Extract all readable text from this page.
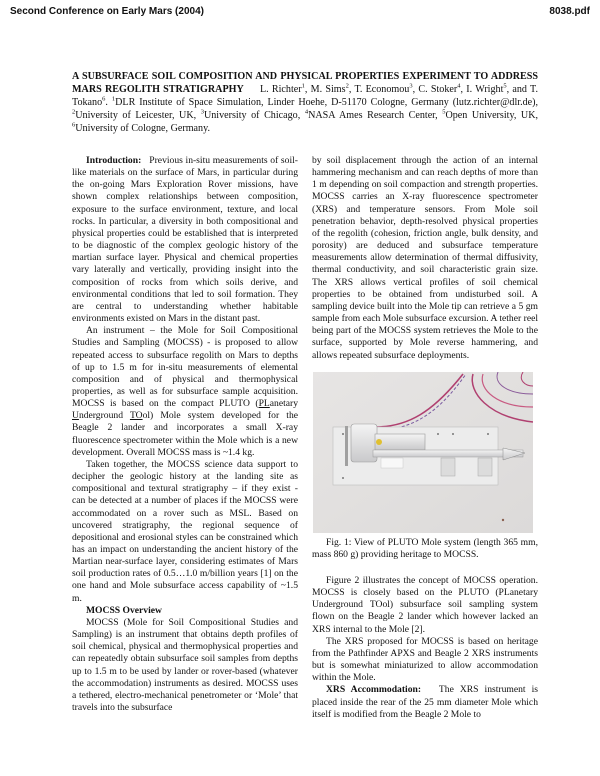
Second Conference on Early Mars (2004)	8038.pdf
A SUBSURFACE SOIL COMPOSITION AND PHYSICAL PROPERTIES EXPERIMENT TO ADDRESS MARS REGOLITH STRATIGRAPHY L. Richter$^1$, M. Sims$^2$, T. Economou$^3$, C. Stoker$^4$, I. Wright$^5$, and T. Tokano$^6$. $^1$DLR Institute of Space Simulation, Linder Hoehe, D-51170 Cologne, Germany (lutz.richter@dlr.de), $^2$University of Leicester, UK, $^3$University of Chicago, $^4$NASA Ames Research Center, $^5$Open University, UK, $^6$University of Cologne, Germany.

Introduction: Previous in-situ measurements of soil-like materials on the surface of Mars, in particular during the on-going Mars Exploration Rover missions, have shown complex relationships between composition, exposure to the surface environment, texture, and local rocks. In particular, a diversity in both compositional and physical properties could be established that is interpreted to be diagnostic of the complex geologic history of the martian surface layer. Physical and chemical properties vary laterally and vertically, providing insight into the composition of rocks from which soils derive, and environmental conditions that led to soil formation. They are central to understanding whether habitable environments existed on Mars in the distant past.

An instrument – the Mole for Soil Compositional Studies and Sampling (MOCSS) - is proposed to allow repeated access to subsurface regolith on Mars to depths of up to 1.5 m for in-situ measurements of elemental composition and of physical and thermophysical properties, as well as for subsurface sample acquisition. MOCSS is based on the compact PLUTO (PLanetary Underground TOol) Mole system developed for the Beagle 2 lander and incorporates a small X-ray fluorescence spectrometer within the Mole which is a new development. Overall MOCSS mass is ~1.4 kg.

Taken together, the MOCSS science data support to decipher the geologic history at the landing site as compositional and textural stratigraphy – if they exist - can be detected at a number of places if the MOCSS were accommodated on a rover such as MSL. Based on uncovered stratigraphy, the regional sequence of depositional and erosional styles can be constrained which has an impact on understanding the ancient history of the Martian near-surface layer, considering estimates of Mars soil production rates of 0.5…1.0 m/billion years [1] on the one hand and Mole subsurface access capability of ~1.5 m.

MOCSS Overview

MOCSS (Mole for Soil Compositional Studies and Sampling) is an instrument that obtains depth profiles of soil chemical, physical and thermophysical properties and can repeatedly obtain subsurface soil samples from depths up to 1.5 m to be used by lander or rover-based (whatever the accommodation) instruments as desired. MOCSS uses a tethered, electro-mechanical penetrometer or ‘Mole’ that travels into the subsurface

by soil displacement through the action of an internal hammering mechanism and can reach depths of more than 1 m depending on soil compaction and strength properties. MOCSS carries an X-ray fluorescence spectrometer (XRS) and temperature sensors. From Mole soil penetration behavior, depth-resolved physical properties of the regolith (cohesion, friction angle, bulk density, and porosity) are deduced and subsurface temperature measurements allow determination of thermal diffusivity, thermal conductivity, and soil characteristic grain size. The XRS allows vertical profiles of soil chemical properties to be obtained from undisturbed soil. A sampling device built into the Mole tip can retrieve a 5 gm sample from each Mole subsurface excursion. A tether reel being part of the MOCSS system retrieves the Mole to the surface, supported by Mole reverse hammering, and allows repeated subsurface deployments.

Fig. 1: View of PLUTO Mole system (length 365 mm, mass 860 g) providing heritage to MOCSS.

Figure 2 illustrates the concept of MOCSS operation. MOCSS is closely based on the PLUTO (PLanetary Underground TOol) subsurface soil sampling system flown on the Beagle 2 lander which however lacked an XRS internal to the Mole [2].

The XRS proposed for MOCSS is based on heritage from the Pathfinder APXS and Beagle 2 XRS instruments but is somewhat miniaturized to allow accommodation within the Mole.

XRS Accommodation: The XRS instrument is placed inside the rear of the 25 mm diameter Mole which itself is modified from the Beagle 2 Mole to
